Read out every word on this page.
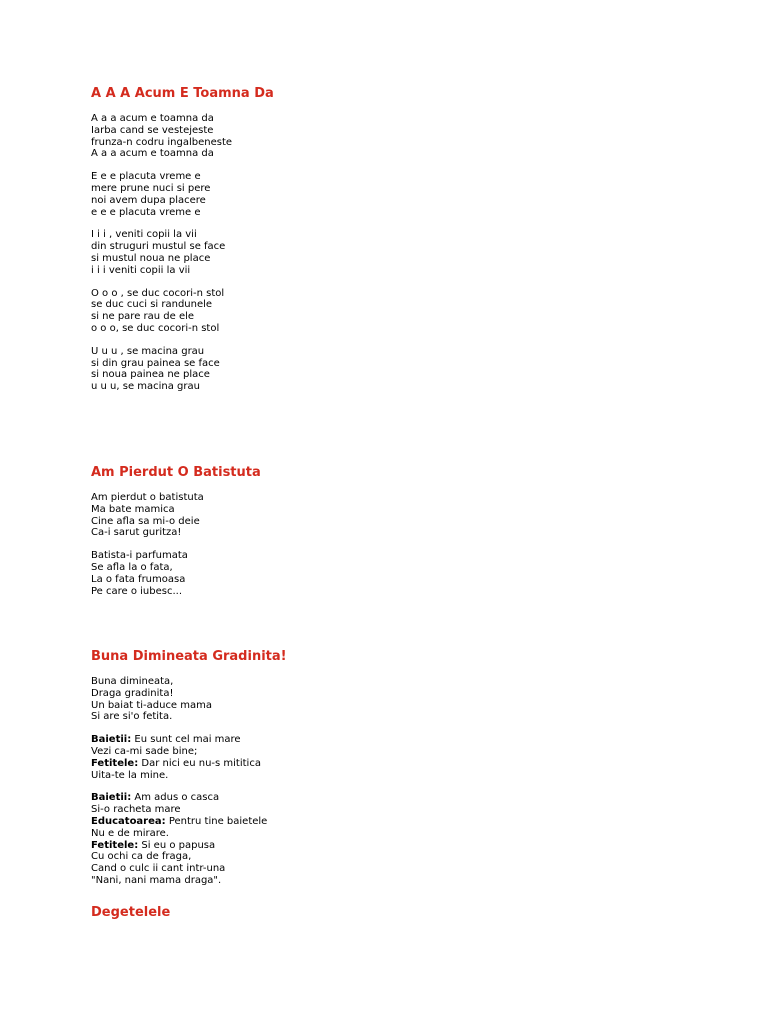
A A A Acum E Toamna Da

A a a acum e toamna da
Iarba cand se vestejeste
frunza-n codru ingalbeneste
A a a acum e toamna da

E e e placuta vreme e
mere prune nuci si pere
noi avem dupa placere
e e e placuta vreme e

I i i , veniti copii la vii
din struguri mustul se face
si mustul noua ne place
i i i veniti copii la vii

O o o , se duc cocori-n stol
se duc cuci si randunele
si ne pare rau de ele
o o o, se duc cocori-n stol

U u u , se macina grau
si din grau painea se face
si noua painea ne place
u u u, se macina grau

Am Pierdut O Batistuta

Am pierdut o batistuta
Ma bate mamica
Cine afla sa mi-o deie
Ca-i sarut guritza!

Batista-i parfumata
Se afla la o fata,
La o fata frumoasa
Pe care o iubesc...

Buna Dimineata Gradinita!

Buna dimineata,
Draga gradinita!
Un baiat ti-aduce mama
Si are si'o fetita.

Baietii: Eu sunt cel mai mare
Vezi ca-mi sade bine;
Fetitele: Dar nici eu nu-s mititica
Uita-te la mine.

Baietii: Am adus o casca
Si-o racheta mare
Educatoarea: Pentru tine baietele
Nu e de mirare.
Fetitele: Si eu o papusa
Cu ochi ca de fraga,
Cand o culc ii cant intr-una
"Nani, nani mama draga".

Degetelele
